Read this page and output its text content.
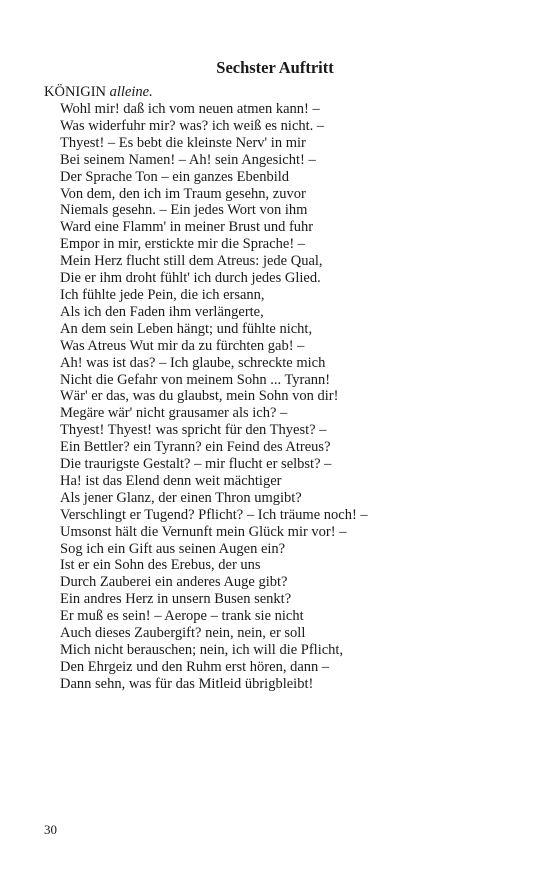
Sechster Auftritt

KÖNIGIN alleine.

Wohl mir! daß ich vom neuen atmen kann! –
Was widerfuhr mir? was? ich weiß es nicht. –
Thyest! – Es bebt die kleinste Nerv' in mir
Bei seinem Namen! – Ah! sein Angesicht! –
Der Sprache Ton – ein ganzes Ebenbild
Von dem, den ich im Traum gesehn, zuvor
Niemals gesehn. – Ein jedes Wort von ihm
Ward eine Flamm' in meiner Brust und fuhr
Empor in mir, erstickte mir die Sprache! –
Mein Herz flucht still dem Atreus: jede Qual,
Die er ihm droht fühlt' ich durch jedes Glied.
Ich fühlte jede Pein, die ich ersann,
Als ich den Faden ihm verlängerte,
An dem sein Leben hängt; und fühlte nicht,
Was Atreus Wut mir da zu fürchten gab! –
Ah! was ist das? – Ich glaube, schreckte mich
Nicht die Gefahr von meinem Sohn ... Tyrann!
Wär' er das, was du glaubst, mein Sohn von dir!
Megäre wär' nicht grausamer als ich? –
Thyest! Thyest! was spricht für den Thyest? –
Ein Bettler? ein Tyrann? ein Feind des Atreus?
Die traurigste Gestalt? – mir flucht er selbst? –
Ha! ist das Elend denn weit mächtiger
Als jener Glanz, der einen Thron umgibt?
Verschlingt er Tugend? Pflicht? – Ich träume noch! –
Umsonst hält die Vernunft mein Glück mir vor! –
Sog ich ein Gift aus seinen Augen ein?
Ist er ein Sohn des Erebus, der uns
Durch Zauberei ein anderes Auge gibt?
Ein andres Herz in unsern Busen senkt?
Er muß es sein! – Aerope – trank sie nicht
Auch dieses Zaubergift? nein, nein, er soll
Mich nicht berauschen; nein, ich will die Pflicht,
Den Ehrgeiz und den Ruhm erst hören, dann –
Dann sehn, was für das Mitleid übrigbleibt!

30
